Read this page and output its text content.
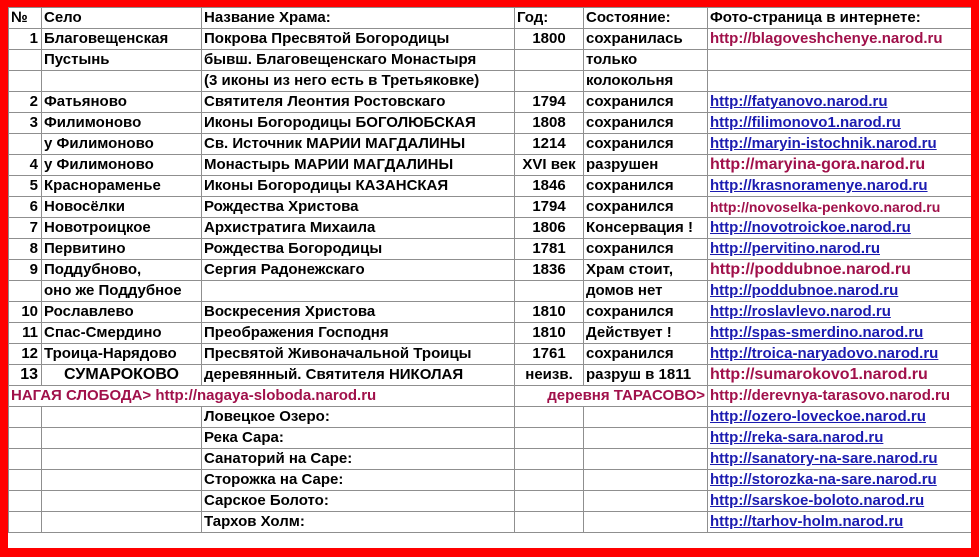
№	Село	Название Храма:	Год:	Состояние:	Фото-страница в интернете:
1	Благовещенская	Покрова Пресвятой Богородицы	1800	сохранилась	http://blagoveshchenye.narod.ru
	Пустынь	бывш. Благовещенскаго Монастыря		только	
		(3 иконы из него есть в Третьяковке)		колокольня	
2	Фатьяново	Святителя Леонтия Ростовскаго	1794	сохранился	http://fatyanovo.narod.ru
3	Филимоново	Иконы Богородицы БОГОЛЮБСКАЯ	1808	сохранился	http://filimonovo1.narod.ru
	у Филимоново	Св. Источник МАРИИ МАГДАЛИНЫ	1214	сохранился	http://maryin-istochnik.narod.ru
4	у Филимоново	Монастырь МАРИИ МАГДАЛИНЫ	XVI век	разрушен	http://maryina-gora.narod.ru
5	Краснораменье	Иконы Богородицы КАЗАНСКАЯ	1846	сохранился	http://krasnoramenye.narod.ru
6	Новосёлки	Рождества Христова	1794	сохранился	http://novoselka-penkovo.narod.ru
7	Новотроицкое	Архистратига Михаила	1806	Консервация !	http://novotroickoe.narod.ru
8	Первитино	Рождества Богородицы	1781	сохранился	http://pervitino.narod.ru
9	Поддубново,	Сергия Радонежскаго	1836	Храм стоит,	http://poddubnoe.narod.ru
	оно же Поддубное			домов нет	http://poddubnoe.narod.ru
10	Рославлево	Воскресения Христова	1810	сохранился	http://roslavlevo.narod.ru
11	Спас-Смердино	Преображения Господня	1810	Действует !	http://spas-smerdino.narod.ru
12	Троица-Нарядово	Пресвятой Живоначальной Троицы	1761	сохранился	http://troica-naryadovo.narod.ru
13	СУМАРОКОВО	деревянный. Святителя НИКОЛАЯ	неизв.	разруш в 1811	http://sumarokovo1.narod.ru
НАГАЯ СЛОБОДА> http://nagaya-sloboda.narod.ru			деревня ТАРАСОВО>		http://derevnya-tarasovo.narod.ru
		Ловецкое Озеро:			http://ozero-loveckoe.narod.ru
		Река Сара:			http://reka-sara.narod.ru
		Санаторий на Саре:			http://sanatory-na-sare.narod.ru
		Сторожка на Саре:			http://storozka-na-sare.narod.ru
		Сарское Болото:			http://sarskoe-boloto.narod.ru
		Тархов Холм:			http://tarhov-holm.narod.ru
